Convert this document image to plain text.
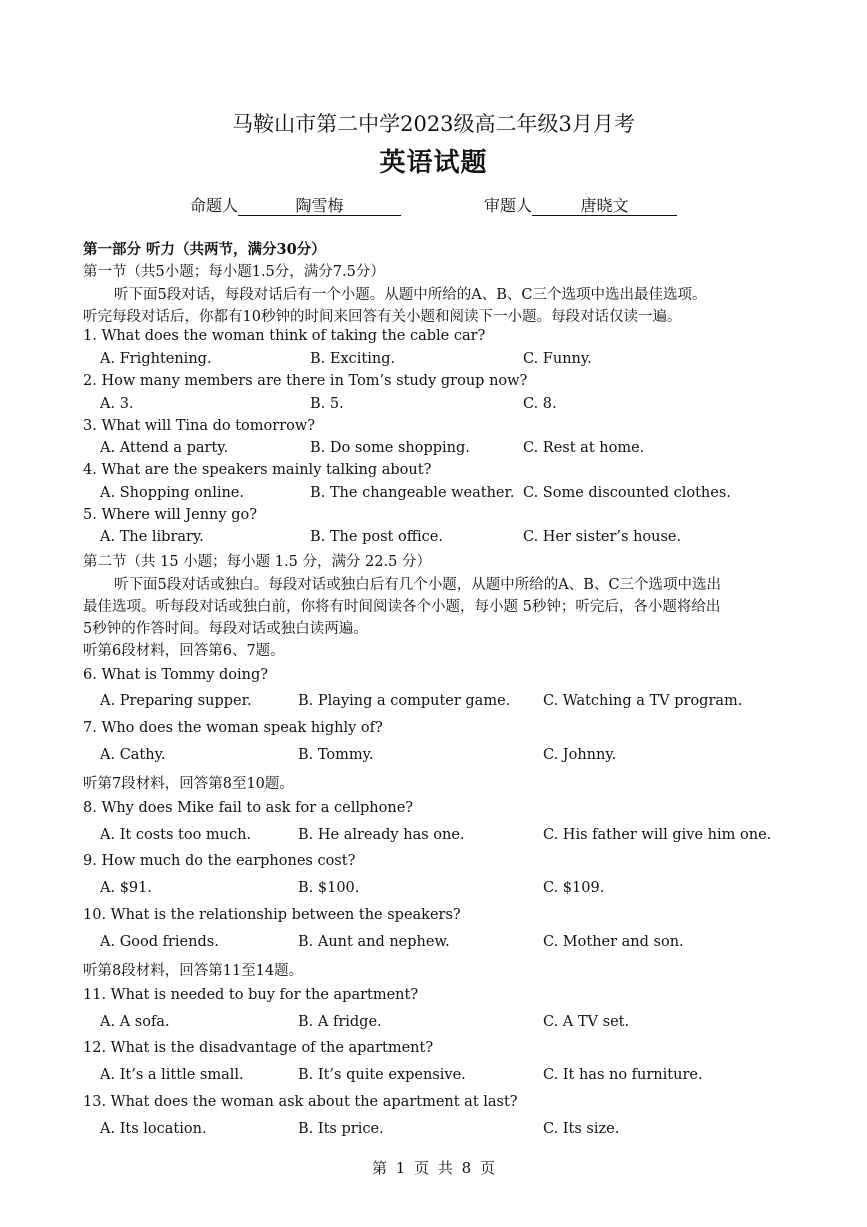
马鞍山市第二中学2023级高二年级3月月考
英语试题
命题人	陶雪梅	审题人	唐晓文
第一部分 听力（共两节，满分30分）
第一节（共5小题；每小题1.5分，满分7.5分）
听下面5段对话，每段对话后有一个小题。从题中所给的A、B、C三个选项中选出最佳选项。
听完每段对话后，你都有10秒钟的时间来回答有关小题和阅读下一小题。每段对话仅读一遍。
1. What does the woman think of taking the cable car?
A. Frightening.	B. Exciting.	C. Funny.
2. How many members are there in Tom’s study group now?
A. 3.	B. 5.	C. 8.
3. What will Tina do tomorrow?
A. Attend a party.	B. Do some shopping.	C. Rest at home.
4. What are the speakers mainly talking about?
A. Shopping online.	B. The changeable weather. C. Some discounted clothes.
5. Where will Jenny go?
A. The library.	B. The post office.	C. Her sister’s house.
第二节（共 15 小题；每小题 1.5 分，满分 22.5 分）
听下面5段对话或独白。每段对话或独白后有几个小题，从题中所给的A、B、C三个选项中选出
最佳选项。听每段对话或独白前，你将有时间阅读各个小题，每小题 5秒钟；听完后，各小题将给出
5秒钟的作答时间。每段对话或独白读两遍。
听第6段材料，回答第6、7题。
6. What is Tommy doing?
A. Preparing supper.	B. Playing a computer game. C. Watching a TV program.
7. Who does the woman speak highly of?
A. Cathy.	B. Tommy.	C. Johnny.
听第7段材料，回答第8至10题。
8. Why does Mike fail to ask for a cellphone?
A. It costs too much.	B. He already has one.	C. His father will give him one.
9. How much do the earphones cost?
A. $91.	B. $100.	C. $109.
10. What is the relationship between the speakers?
A. Good friends.	B. Aunt and nephew.	C. Mother and son.
听第8段材料，回答第11至14题。
11. What is needed to buy for the apartment?
A. A sofa.	B. A fridge.	C. A TV set.
12. What is the disadvantage of the apartment?
A. It’s a little small.	B. It’s quite expensive.	C. It has no furniture.
13. What does the woman ask about the apartment at last?
A. Its location.	B. Its price.	C. Its size.
第 1 页 共 8 页
